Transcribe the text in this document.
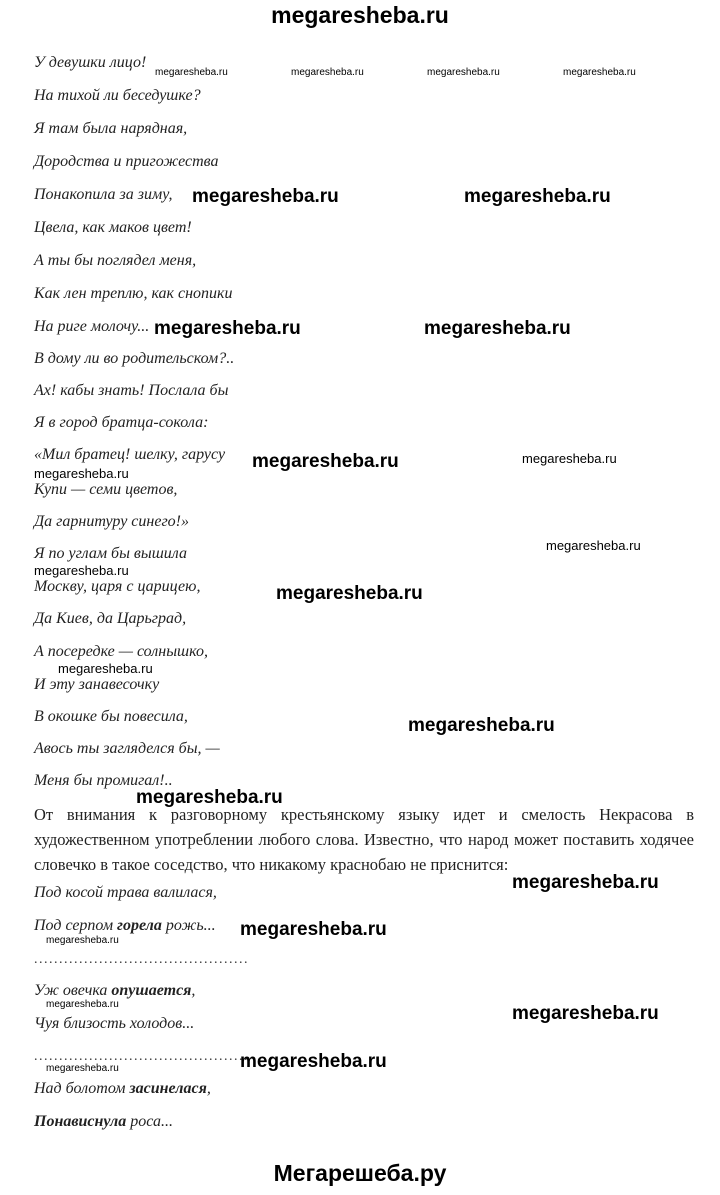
megaresheba.ru
У девушки лицо!
На тихой ли беседушке?
Я там была нарядная,
Дородства и пригожества
Понакопила за зиму,
Цвела, как маков цвет!
А ты бы поглядел меня,
Как лен треплю, как снопики
На риге молочу...
В дому ли во родительском?..
Ах! кабы знать! Послала бы
Я в город братца-сокола:
«Мил братец! шелку, гарусу
Купи — семи цветов,
Да гарнитуру синего!»
Я по углам бы вышила
Москву, царя с царицею,
Да Киев, да Царьград,
А посередке — солнышко,
И эту занавесочку
В окошке бы повесила,
Авось ты загляделся бы, —
Меня бы промигал!..
От внимания к разговорному крестьянскому языку идет и смелость Некрасова в художественном употреблении любого слова. Известно, что народ может поставить ходячее словечко в такое соседство, что никакому краснобаю не приснится:
Под косой трава валилася,
Под серпом горела рожь...
...........................................
Уж овечка опушается,
Чуя близость холодов...
...........................................
Над болотом засинелася,
Понависнула роса...
megaresheba.ru	megaresheba.ru	megaresheba.ru	megaresheba.ru
megaresheba.ru	megaresheba.ru
megaresheba.ru	megaresheba.ru
megaresheba.ru	megaresheba.ru
megaresheba.ru
megaresheba.ru
megaresheba.ru
megaresheba.ru
megaresheba.ru
megaresheba.ru
megaresheba.ru
megaresheba.ru
megaresheba.ru
megaresheba.ru
megaresheba.ru	megaresheba.ru
megaresheba.ru
megaresheba.ru
Мегарешеба.ру
